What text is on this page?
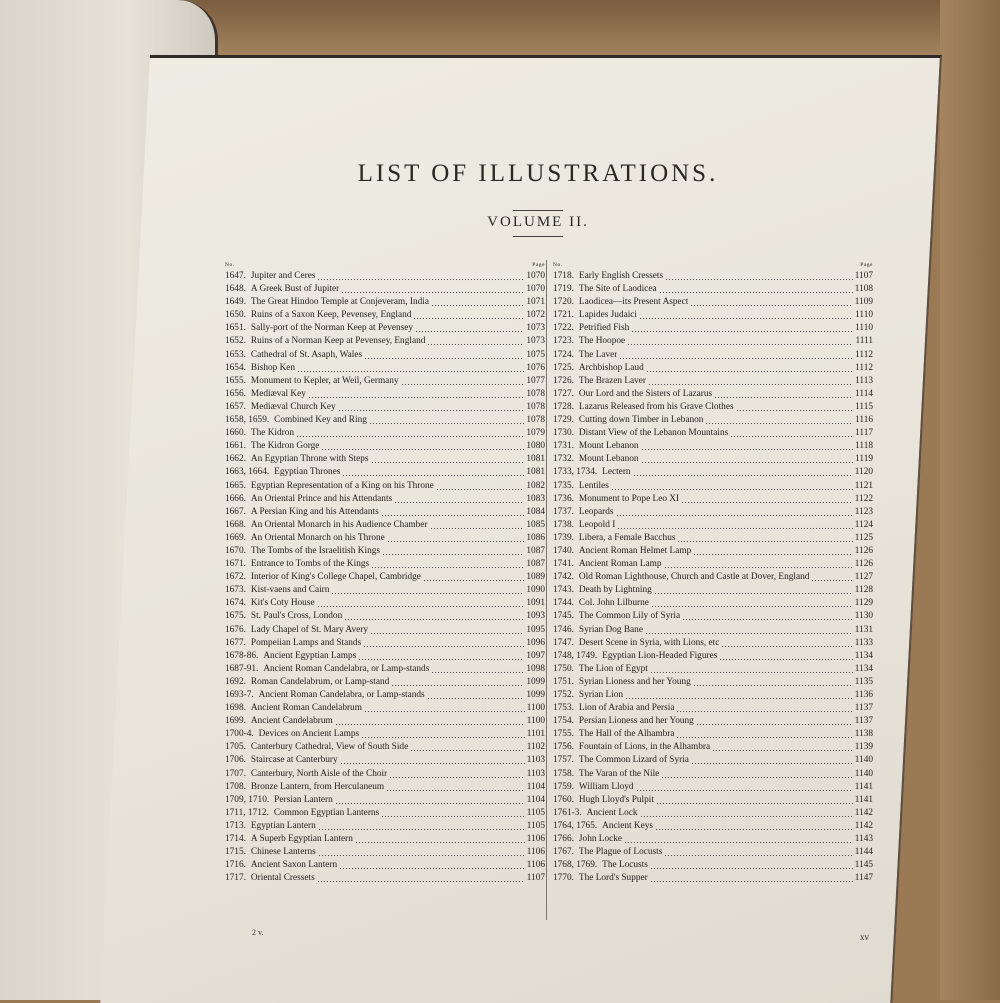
LIST OF ILLUSTRATIONS.
VOLUME II.
No.	Page
1647. Jupiter and Ceres	1070
1648. A Greek Bust of Jupiter	1070
1649. The Great Hindoo Temple at Conjeveram, India	1071
1650. Ruins of a Saxon Keep, Pevensey, England	1072
1651. Sally-port of the Norman Keep at Pevensey	1073
1652. Ruins of a Norman Keep at Pevensey, England	1073
1653. Cathedral of St. Asaph, Wales	1075
1654. Bishop Ken	1076
1655. Monument to Kepler, at Weil, Germany	1077
1656. Mediæval Key	1078
1657. Mediæval Church Key	1078
1658, 1659. Combined Key and Ring	1078
1660. The Kidron	1079
1661. The Kidron Gorge	1080
1662. An Egyptian Throne with Steps	1081
1663, 1664. Egyptian Thrones	1081
1665. Egyptian Representation of a King on his Throne	1082
1666. An Oriental Prince and his Attendants	1083
1667. A Persian King and his Attendants	1084
1668. An Oriental Monarch in his Audience Chamber	1085
1669. An Oriental Monarch on his Throne	1086
1670. The Tombs of the Israelitish Kings	1087
1671. Entrance to Tombs of the Kings	1087
1672. Interior of King's College Chapel, Cambridge	1089
1673. Kist-vaens and Cairn	1090
1674. Kit's Coty House	1091
1675. St. Paul's Cross, London	1093
1676. Lady Chapel of St. Mary Avery	1095
1677. Pompeiian Lamps and Stands	1096
1678-86. Ancient Egyptian Lamps	1097
1687-91. Ancient Roman Candelabra, or Lamp-stands	1098
1692. Roman Candelabrum, or Lamp-stand	1099
1693-7. Ancient Roman Candelabra, or Lamp-stands	1099
1698. Ancient Roman Candelabrum	1100
1699. Ancient Candelabrum	1100
1700-4. Devices on Ancient Lamps	1101
1705. Canterbury Cathedral, View of South Side	1102
1706. Staircase at Canterbury	1103
1707. Canterbury, North Aisle of the Choir	1103
1708. Bronze Lantern, from Herculaneum	1104
1709, 1710. Persian Lantern	1104
1711, 1712. Common Egyptian Lanterns	1105
1713. Egyptian Lantern	1105
1714. A Superb Egyptian Lantern	1106
1715. Chinese Lanterns	1106
1716. Ancient Saxon Lantern	1106
1717. Oriental Cressets	1107
No.	Page
1718. Early English Cressets	1107
1719. The Site of Laodicea	1108
1720. Laodicea—its Present Aspect	1109
1721. Lapides Judaici	1110
1722. Petrified Fish	1110
1723. The Hoopoe	1111
1724. The Laver	1112
1725. Archbishop Laud	1112
1726. The Brazen Laver	1113
1727. Our Lord and the Sisters of Lazarus	1114
1728. Lazarus Released from his Grave Clothes	1115
1729. Cutting down Timber in Lebanon	1116
1730. Distant View of the Lebanon Mountains	1117
1731. Mount Lebanon	1118
1732. Mount Lebanon	1119
1733, 1734. Lectern	1120
1735. Lentiles	1121
1736. Monument to Pope Leo XI	1122
1737. Leopards	1123
1738. Leopold I	1124
1739. Libera, a Female Bacchus	1125
1740. Ancient Roman Helmet Lamp	1126
1741. Ancient Roman Lamp	1126
1742. Old Roman Lighthouse, Church and Castle at Dover, England	1127
1743. Death by Lightning	1128
1744. Col. John Lilburne	1129
1745. The Common Lily of Syria	1130
1746. Syrian Dog Bane	1131
1747. Desert Scene in Syria, with Lions, etc	1133
1748, 1749. Egyptian Lion-Headed Figures	1134
1750. The Lion of Egypt	1134
1751. Syrian Lioness and her Young	1135
1752. Syrian Lion	1136
1753. Lion of Arabia and Persia	1137
1754. Persian Lioness and her Young	1137
1755. The Hall of the Alhambra	1138
1756. Fountain of Lions, in the Alhambra	1139
1757. The Common Lizard of Syria	1140
1758. The Varan of the Nile	1140
1759. William Lloyd	1141
1760. Hugh Lloyd's Pulpit	1141
1761-3. Ancient Lock	1142
1764, 1765. Ancient Keys	1142
1766. John Locke	1143
1767. The Plague of Locusts	1144
1768, 1769. The Locusts	1145
1770. The Lord's Supper	1147
2 v.	xv
